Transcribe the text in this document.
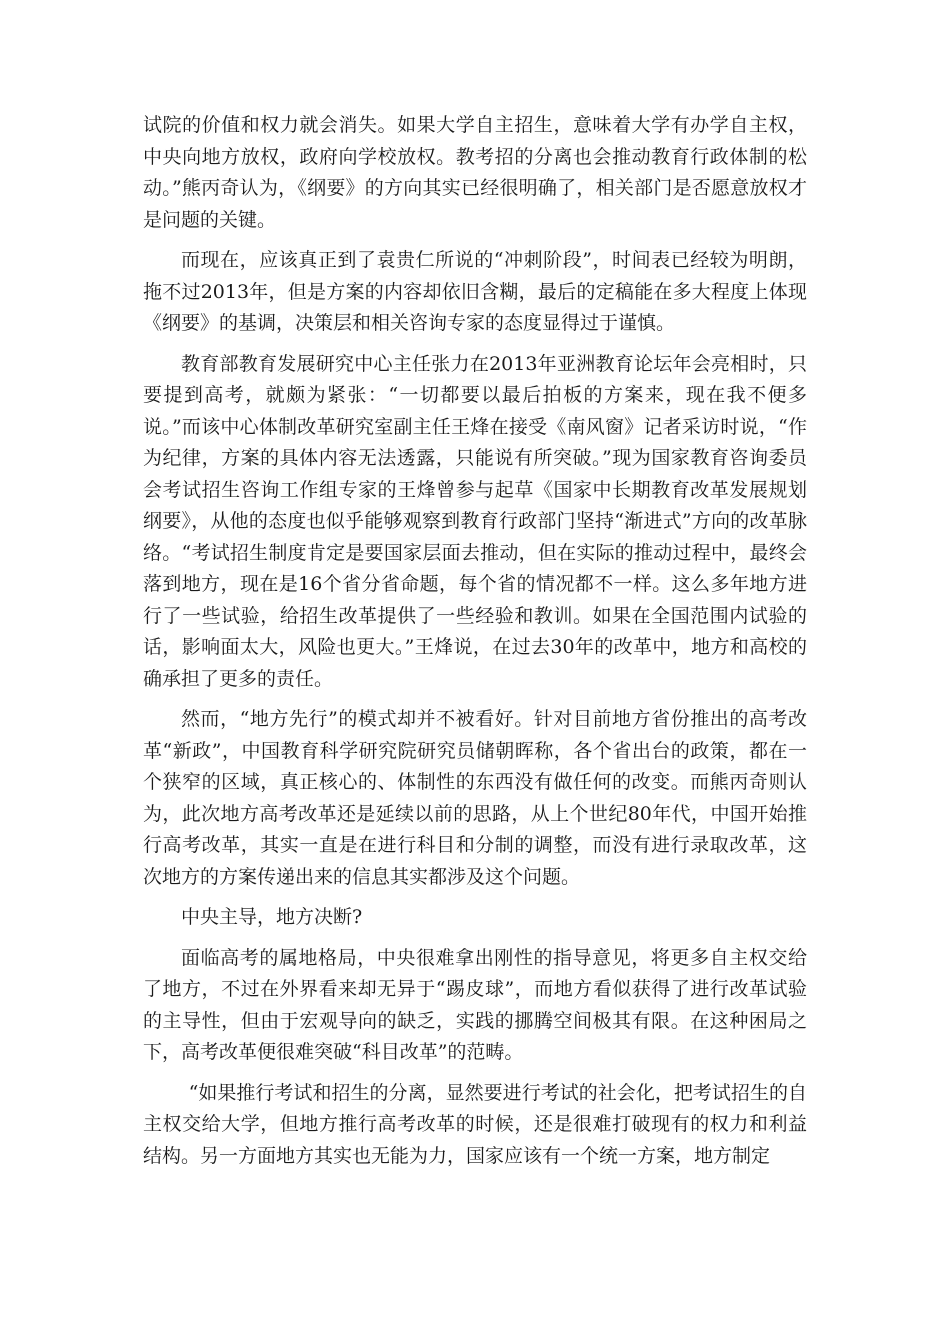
试院的价值和权力就会消失。如果大学自主招生，意味着大学有办学自主权，中央向地方放权，政府向学校放权。教考招的分离也会推动教育行政体制的松动。”熊丙奇认为，《纲要》的方向其实已经很明确了，相关部门是否愿意放权才是问题的关键。

而现在，应该真正到了袁贵仁所说的“冲刺阶段”，时间表已经较为明朗，拖不过2013年，但是方案的内容却依旧含糊，最后的定稿能在多大程度上体现《纲要》的基调，决策层和相关咨询专家的态度显得过于谨慎。

教育部教育发展研究中心主任张力在2013年亚洲教育论坛年会亮相时，只要提到高考，就颇为紧张：“一切都要以最后拍板的方案来，现在我不便多说。”而该中心体制改革研究室副主任王烽在接受《南风窗》记者采访时说，“作为纪律，方案的具体内容无法透露，只能说有所突破。”现为国家教育咨询委员会考试招生咨询工作组专家的王烽曾参与起草《国家中长期教育改革发展规划纲要》，从他的态度也似乎能够观察到教育行政部门坚持“渐进式”方向的改革脉络。“考试招生制度肯定是要国家层面去推动，但在实际的推动过程中，最终会落到地方，现在是16个省分省命题，每个省的情况都不一样。这么多年地方进行了一些试验，给招生改革提供了一些经验和教训。如果在全国范围内试验的话，影响面太大，风险也更大。”王烽说，在过去30年的改革中，地方和高校的确承担了更多的责任。

然而，“地方先行”的模式却并不被看好。针对目前地方省份推出的高考改革“新政”，中国教育科学研究院研究员储朝晖称，各个省出台的政策，都在一个狭窄的区域，真正核心的、体制性的东西没有做任何的改变。而熊丙奇则认为，此次地方高考改革还是延续以前的思路，从上个世纪80年代，中国开始推行高考改革，其实一直是在进行科目和分制的调整，而没有进行录取改革，这次地方的方案传递出来的信息其实都涉及这个问题。

中央主导，地方决断?

面临高考的属地格局，中央很难拿出刚性的指导意见，将更多自主权交给了地方，不过在外界看来却无异于“踢皮球”，而地方看似获得了进行改革试验的主导性，但由于宏观导向的缺乏，实践的挪腾空间极其有限。在这种困局之下，高考改革便很难突破“科目改革”的范畴。

“如果推行考试和招生的分离，显然要进行考试的社会化，把考试招生的自主权交给大学，但地方推行高考改革的时候，还是很难打破现有的权力和利益结构。另一方面地方其实也无能为力，国家应该有一个统一方案，地方制定
